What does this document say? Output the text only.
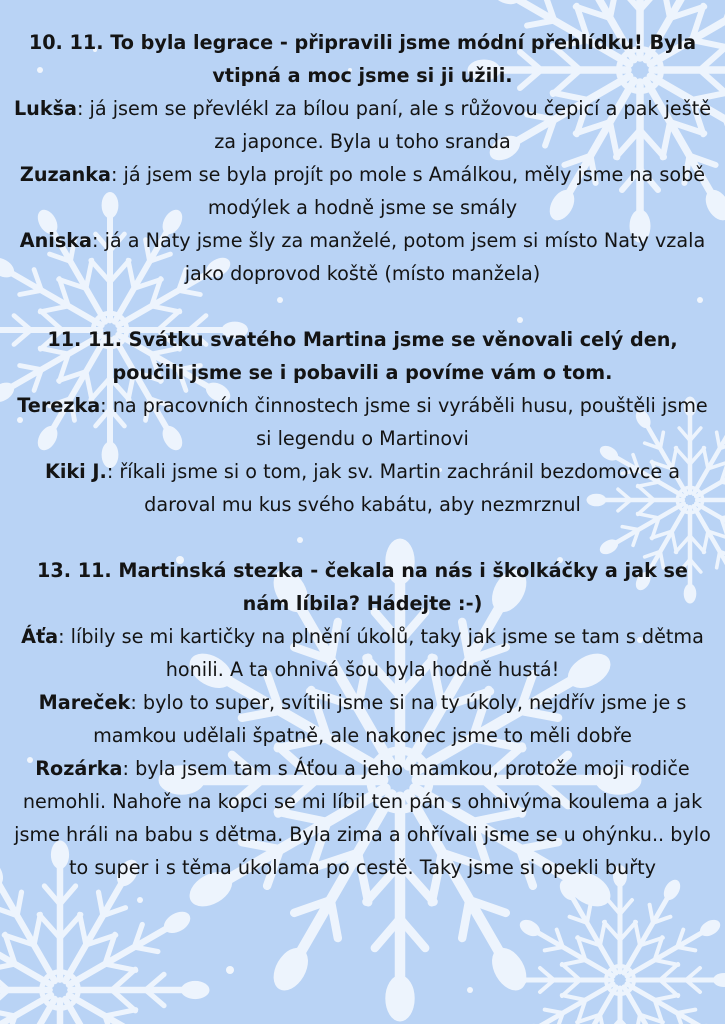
10. 11. To byla legrace - připravili jsme módní přehlídku! Byla vtipná a moc jsme si ji užili.
Lukša: já jsem se převlékl za bílou paní, ale s růžovou čepicí a pak ještě za japonce. Byla u toho sranda
Zuzanka: já jsem se byla projít po mole s Amálkou, měly jsme na sobě modýlek a hodně jsme se smály
Aniska: já a Naty jsme šly za manželé, potom jsem si místo Naty vzala jako doprovod koště (místo manžela)
11. 11. Svátku svatého Martina jsme se věnovali celý den, poučili jsme se i pobavili a povíme vám o tom.
Terezka: na pracovních činnostech jsme si vyráběli husu, pouštěli jsme si legendu o Martinovi
Kiki J.: říkali jsme si o tom, jak sv. Martin zachránil bezdomovce a daroval mu kus svého kabátu, aby nezmrznul
13. 11. Martinská stezka - čekala na nás i školkáčky a jak se nám líbila? Hádejte :-)
Áťa: líbily se mi kartičky na plnění úkolů, taky jak jsme se tam s dětma honili. A ta ohnivá šou byla hodně hustá!
Mareček: bylo to super, svítili jsme si na ty úkoly, nejdřív jsme je s mamkou udělali špatně, ale nakonec jsme to měli dobře
Rozárka: byla jsem tam s Áťou a jeho mamkou, protože moji rodiče nemohli. Nahoře na kopci se mi líbil ten pán s ohnivýma koulema a jak jsme hráli na babu s dětma. Byla zima a ohřívali jsme se u ohýnku.. bylo to super i s těma úkolama po cestě. Taky jsme si opekli buřty
